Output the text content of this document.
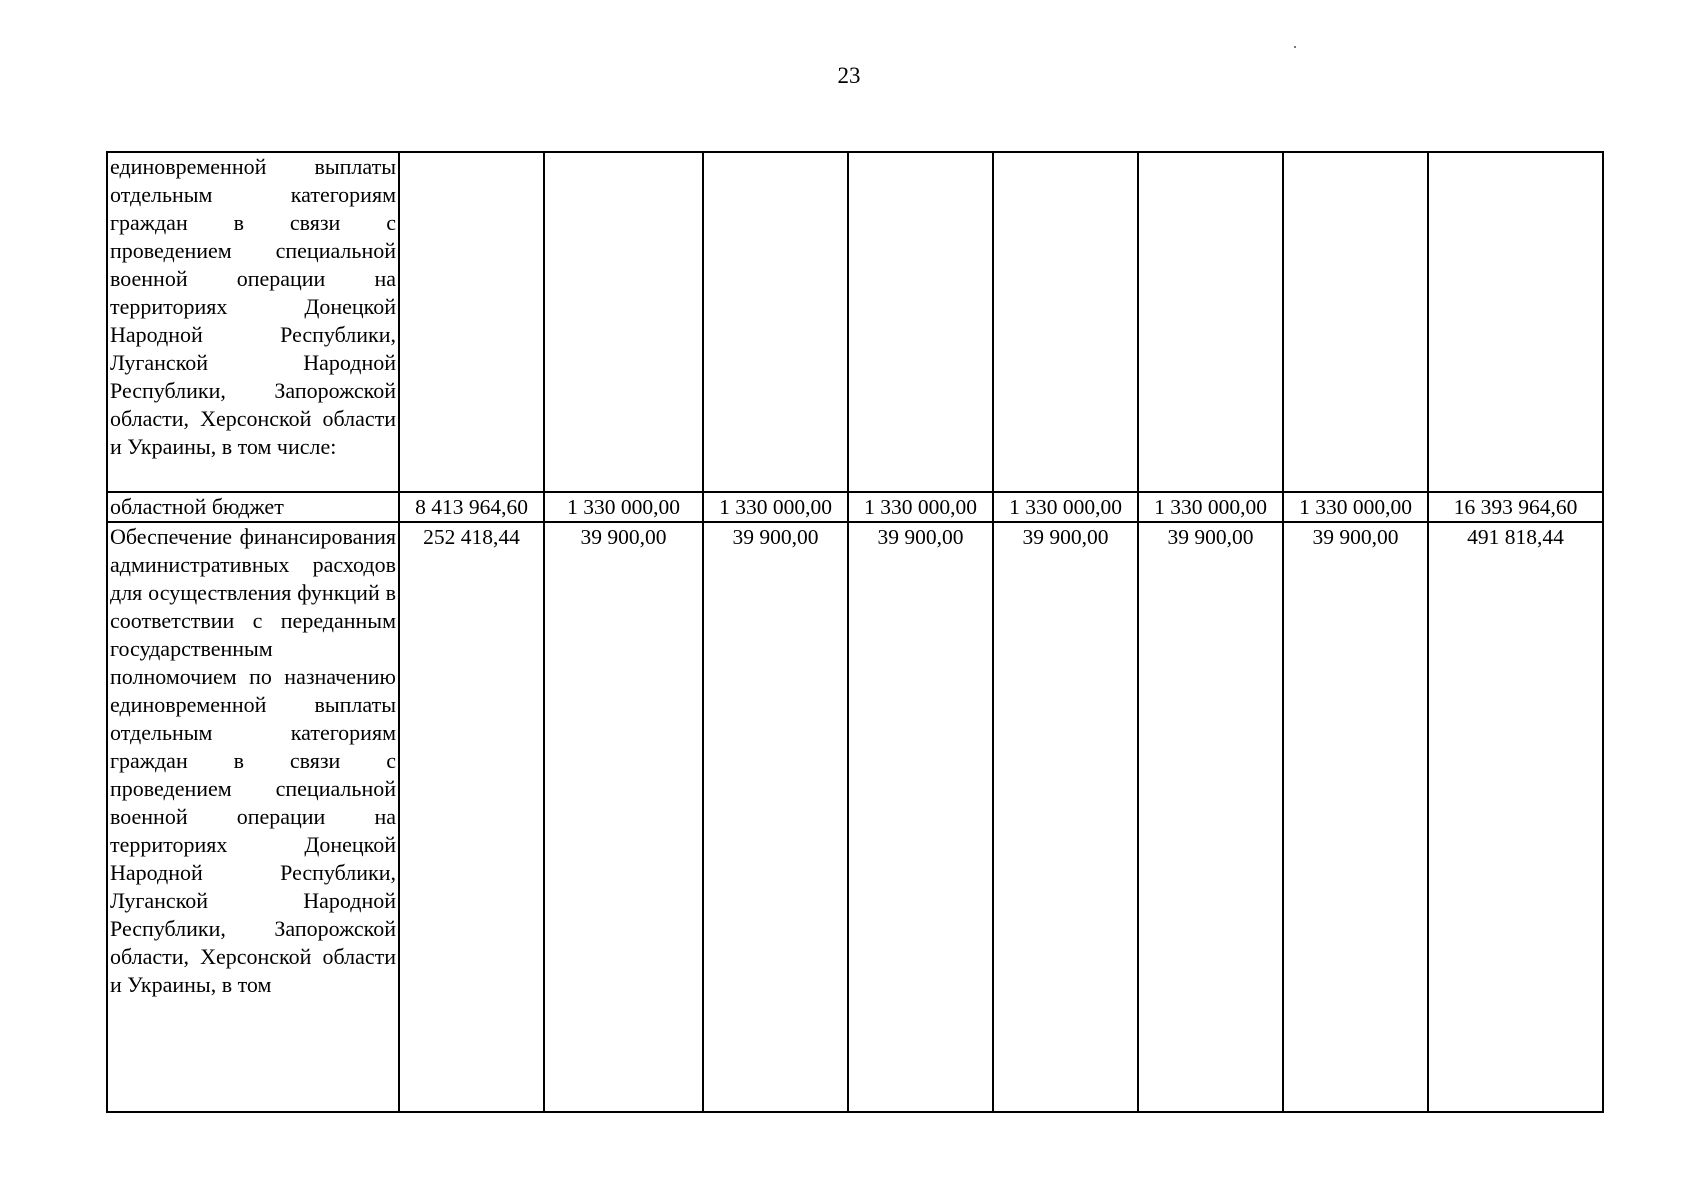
23
единовременной выплаты отдельным категориям граждан в связи с проведением специальной военной операции на территориях Донецкой Народной Республики, Луганской Народной Республики, Запорожской области, Херсонской области и Украины, в том числе:								
областной бюджет	8 413 964,60	1 330 000,00	1 330 000,00	1 330 000,00	1 330 000,00	1 330 000,00	1 330 000,00	16 393 964,60
Обеспечение финансирования административных расходов для осуществления функций в соответствии с переданным государственным полномочием по назначению единовременной выплаты отдельным категориям граждан в связи с проведением специальной военной операции на территориях Донецкой Народной Республики, Луганской Народной Республики, Запорожской области, Херсонской области и Украины, в том	252 418,44	39 900,00	39 900,00	39 900,00	39 900,00	39 900,00	39 900,00	491 818,44
